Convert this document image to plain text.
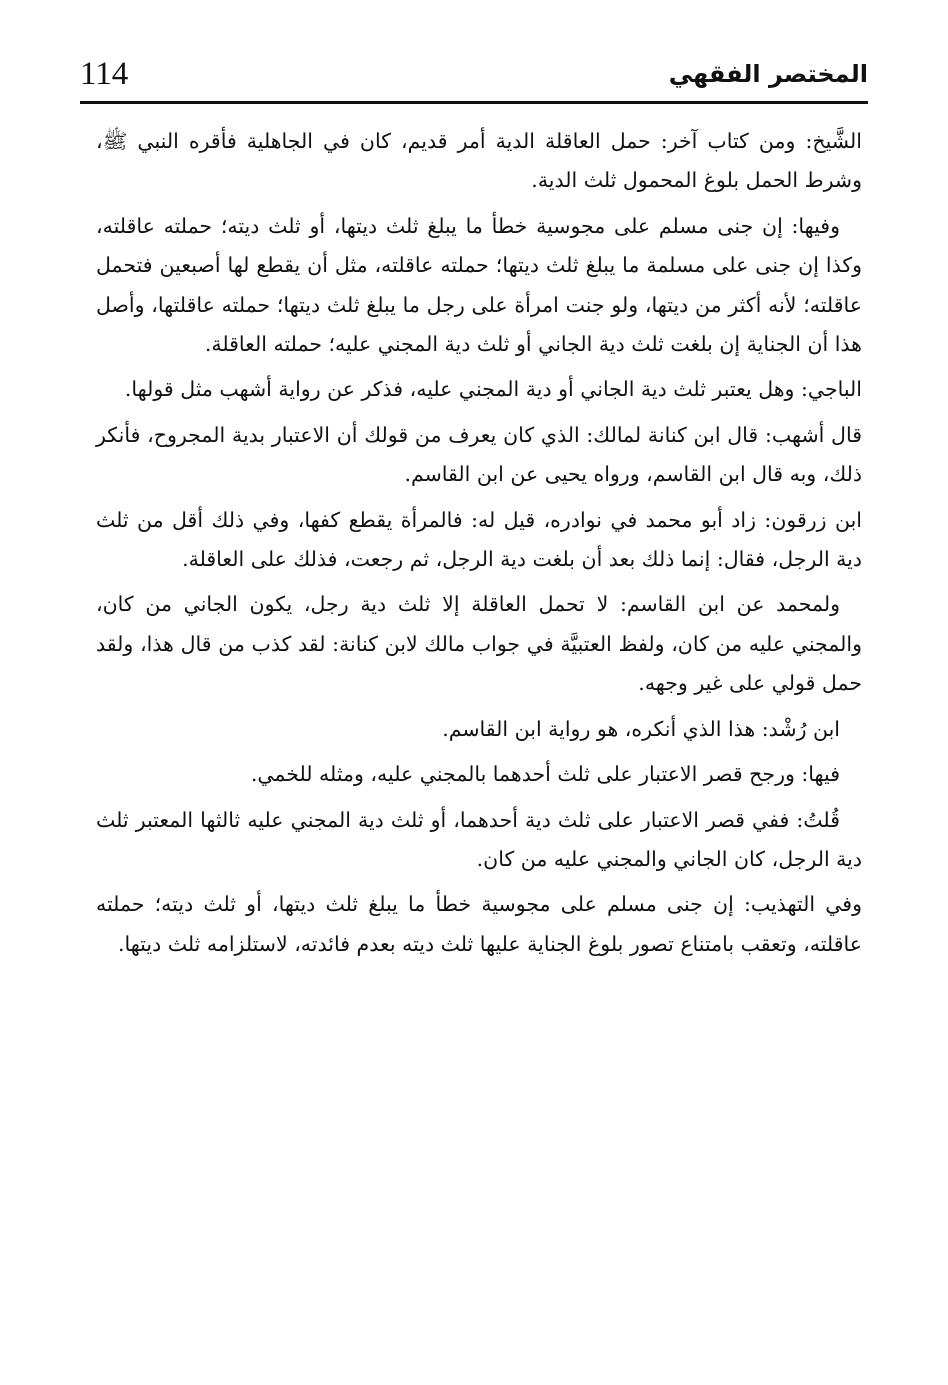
114	المختصر الفقهي

الشَّيخ: ومن كتاب آخر: حمل العاقلة الدية أمر قديم، كان في الجاهلية فأقره النبي ﷺ، وشرط الحمل بلوغ المحمول ثلث الدية.

وفيها: إن جنى مسلم على مجوسية خطأ ما يبلغ ثلث ديتها، أو ثلث ديته؛ حملته عاقلته، وكذا إن جنى على مسلمة ما يبلغ ثلث ديتها؛ حملته عاقلته، مثل أن يقطع لها أصبعين فتحمل عاقلته؛ لأنه أكثر من ديتها، ولو جنت امرأة على رجل ما يبلغ ثلث ديتها؛ حملته عاقلتها، وأصل هذا أن الجناية إن بلغت ثلث دية الجاني أو ثلث دية المجني عليه؛ حملته العاقلة.

الباجي: وهل يعتبر ثلث دية الجاني أو دية المجني عليه، فذكر عن رواية أشهب مثل قولها.

قال أشهب: قال ابن كنانة لمالك: الذي كان يعرف من قولك أن الاعتبار بدية المجروح، فأنكر ذلك، وبه قال ابن القاسم، ورواه يحيى عن ابن القاسم.

ابن زرقون: زاد أبو محمد في نوادره، قيل له: فالمرأة يقطع كفها، وفي ذلك أقل من ثلث دية الرجل، فقال: إنما ذلك بعد أن بلغت دية الرجل، ثم رجعت، فذلك على العاقلة.

ولمحمد عن ابن القاسم: لا تحمل العاقلة إلا ثلث دية رجل، يكون الجاني من كان، والمجني عليه من كان، ولفظ العتبيَّة في جواب مالك لابن كنانة: لقد كذب من قال هذا، ولقد حمل قولي على غير وجهه.

ابن رُشْد: هذا الذي أنكره، هو رواية ابن القاسم.

فيها: ورجح قصر الاعتبار على ثلث أحدهما بالمجني عليه، ومثله للخمي.

قُلتُ: ففي قصر الاعتبار على ثلث دية أحدهما، أو ثلث دية المجني عليه ثالثها المعتبر ثلث دية الرجل، كان الجاني والمجني عليه من كان.

وفي التهذيب: إن جنى مسلم على مجوسية خطأ ما يبلغ ثلث ديتها، أو ثلث ديته؛ حملته عاقلته، وتعقب بامتناع تصور بلوغ الجناية عليها ثلث ديته بعدم فائدته، لاستلزامه ثلث ديتها.
